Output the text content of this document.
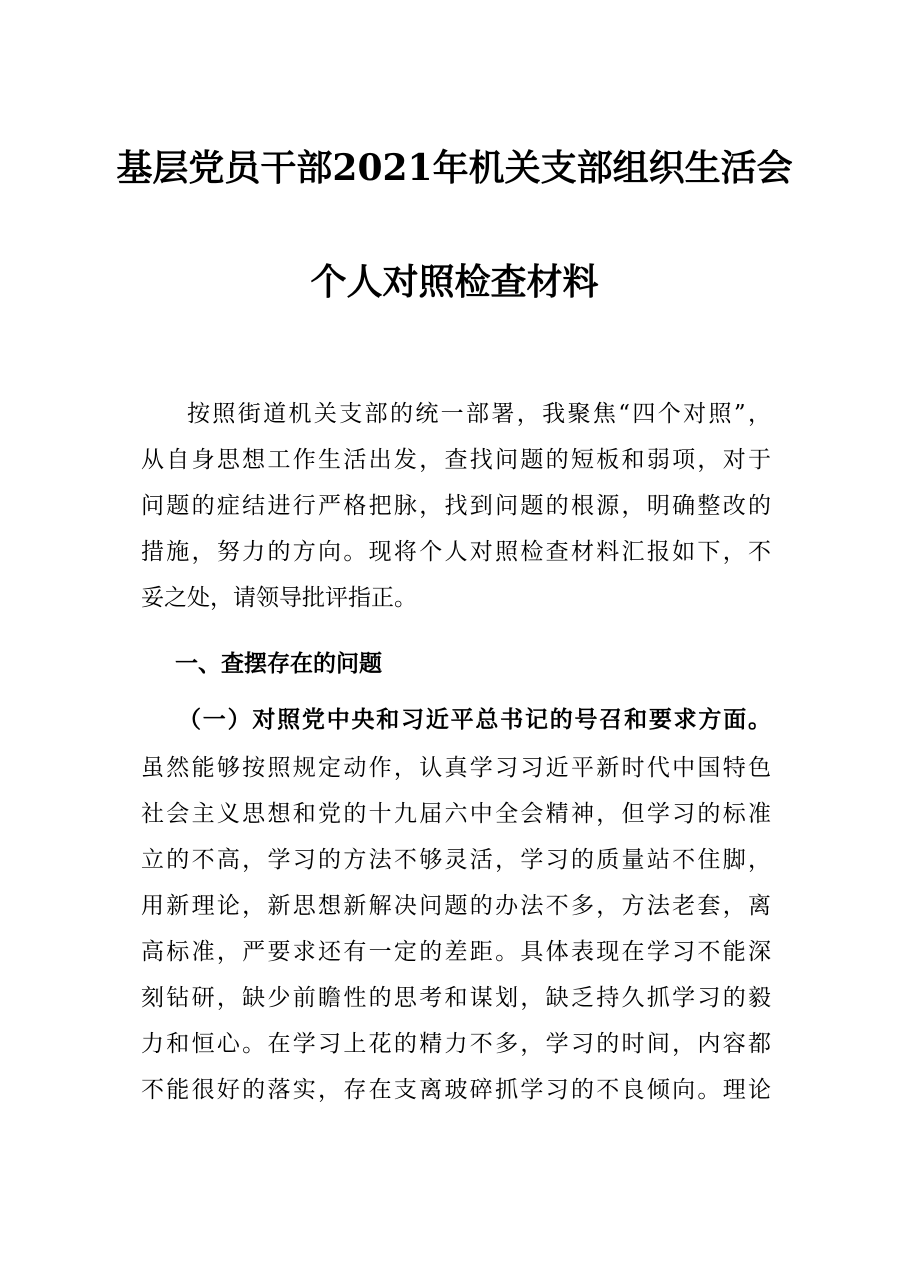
基层党员干部2021年机关支部组织生活会
个人对照检查材料
按照街道机关支部的统一部署，我聚焦“四个对照”，
从自身思想工作生活出发，查找问题的短板和弱项，对于
问题的症结进行严格把脉，找到问题的根源，明确整改的
措施，努力的方向。现将个人对照检查材料汇报如下，不
妥之处，请领导批评指正。
一、查摆存在的问题
（一）对照党中央和习近平总书记的号召和要求方面。
虽然能够按照规定动作，认真学习习近平新时代中国特色
社会主义思想和党的十九届六中全会精神，但学习的标准
立的不高，学习的方法不够灵活，学习的质量站不住脚，
用新理论，新思想新解决问题的办法不多，方法老套，离
高标准，严要求还有一定的差距。具体表现在学习不能深
刻钻研，缺少前瞻性的思考和谋划，缺乏持久抓学习的毅
力和恒心。在学习上花的精力不多，学习的时间，内容都
不能很好的落实，存在支离玻碎抓学习的不良倾向。理论
